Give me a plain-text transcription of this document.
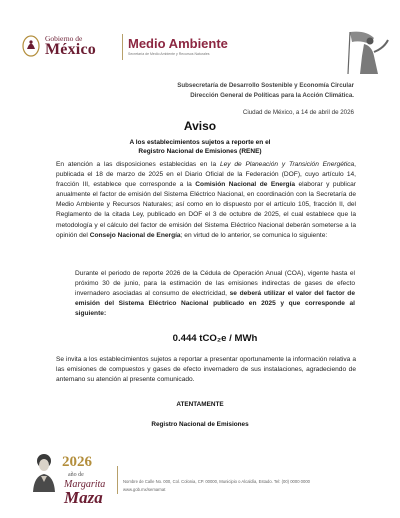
Gobierno de
México Medio Ambiente
Secretaría de Medio Ambiente y Recursos Naturales
Subsecretaría de Desarrollo Sostenible y Economía Circular
Dirección General de Políticas para la Acción Climática.
Ciudad de México, a 14 de abril de 2026
Aviso
A los establecimientos sujetos a reporte en el
Registro Nacional de Emisiones (RENE)
En atención a las disposiciones establecidas en la Ley de Planeación y Transición Energética, publicada el 18 de marzo de 2025 en el Diario Oficial de la Federación (DOF), cuyo artículo 14, fracción III, establece que corresponde a la Comisión Nacional de Energía elaborar y publicar anualmente el factor de emisión del Sistema Eléctrico Nacional, en coordinación con la Secretaría de Medio Ambiente y Recursos Naturales; así como en lo dispuesto por el artículo 105, fracción II, del Reglamento de la citada Ley, publicado en DOF el 3 de octubre de 2025, el cual establece que la metodología y el cálculo del factor de emisión del Sistema Eléctrico Nacional deberán someterse a la opinión del Consejo Nacional de Energía; en virtud de lo anterior, se comunica lo siguiente:
Durante el periodo de reporte 2026 de la Cédula de Operación Anual (COA), vigente hasta el próximo 30 de junio, para la estimación de las emisiones indirectas de gases de efecto invernadero asociadas al consumo de electricidad, se deberá utilizar el valor del factor de emisión del Sistema Eléctrico Nacional publicado en 2025 y que corresponde al siguiente:
0.444 tCO₂e / MWh
Se invita a los establecimientos sujetos a reportar a presentar oportunamente la información relativa a las emisiones de compuestos y gases de efecto invernadero de sus instalaciones, agradeciendo de antemano su atención al presente comunicado.
ATENTAMENTE
Registro Nacional de Emisiones
2026
año de
Margarita
Maza
Nombre de Calle No. 000, Col. Colonia, CP. 00000, Municipio o Alcaldía, Estado. Tel: (00) 0000 0000
www.gob.mx/semarnat
